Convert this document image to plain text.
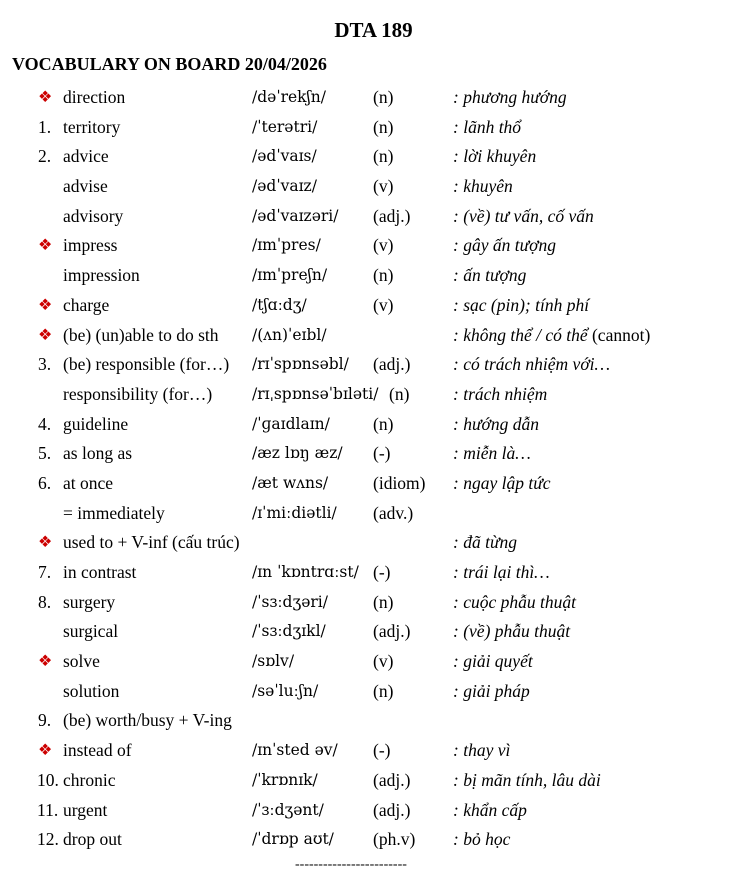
DTA 189
VOCABULARY ON BOARD 20/04/2026
❖ direction	/dəˈrekʃn/	(n)	: phương hướng
1. territory	/ˈterətri/	(n)	: lãnh thổ
2. advice	/ədˈvaɪs/	(n)	: lời khuyên
advise	/ədˈvaɪz/	(v)	: khuyên
advisory	/ədˈvaɪzəri/ (adj.) : (về) tư vấn, cố vấn
❖ impress	/ɪmˈpres/	(v)	: gây ấn tượng
impression	/ɪmˈpreʃn/	(n)	: ấn tượng
❖ charge	/tʃɑːdʒ/	(v)	: sạc (pin); tính phí
❖ (be) (un)able to do sth /(ʌn)ˈeɪbl/	: không thể / có thể (cannot)
3. (be) responsible (for…) /rɪˈspɒnsəbl/ (adj.) : có trách nhiệm với…
responsibility (for…)	/rɪˌspɒnsəˈbɪləti/ (n) : trách nhiệm
4. guideline	/ˈɡaɪdlaɪn/ (n)	: hướng dẫn
5. as long as	/æz lɒŋ æz/ (-)	: miễn là…
6. at once	/æt wʌns/	(idiom) : ngay lập tức
= immediately	/ɪˈmiːdiətli/ (adv.)
❖ used to + V-inf (cấu trúc)	: đã từng
7. in contrast	/ɪn ˈkɒntrɑːst/ (-)	: trái lại thì…
8. surgery	/ˈsɜːdʒəri/	(n)	: cuộc phẫu thuật
surgical	/ˈsɜːdʒɪkl/	(adj.) : (về) phẫu thuật
❖ solve	/sɒlv/	(v)	: giải quyết
solution	/səˈluːʃn/	(n)	: giải pháp
9. (be) worth/busy + V-ing
❖ instead of	/ɪnˈsted əv/ (-)	: thay vì
10. chronic	/ˈkrɒnɪk/	(adj.) : bị mãn tính, lâu dài
11. urgent	/ˈɜːdʒənt/	(adj.) : khẩn cấp
12. drop out	/ˈdrɒp aʊt/ (ph.v) : bỏ học
------------------------
